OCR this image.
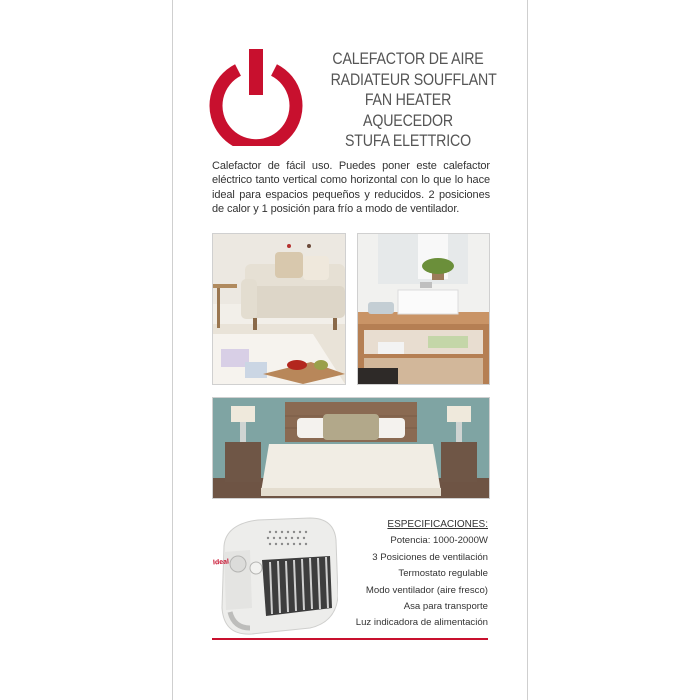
CALEFACTOR DE AIRE
RADIATEUR SOUFFLANT
FAN HEATER
AQUECEDOR
STUFA ELETTRICO
Calefactor de fácil uso. Puedes poner este calefactor eléctrico tanto vertical como horizontal con lo que lo hace ideal para espacios pequeños y reducidos. 2 posiciones de calor y 1 posición para frío a modo de ventilador.
Ideal
ESPECIFICACIONES:
Potencia: 1000-2000W
3 Posiciones de ventilación
Termostato regulable
Modo ventilador (aire fresco)
Asa para transporte
Luz indicadora de alimentación
